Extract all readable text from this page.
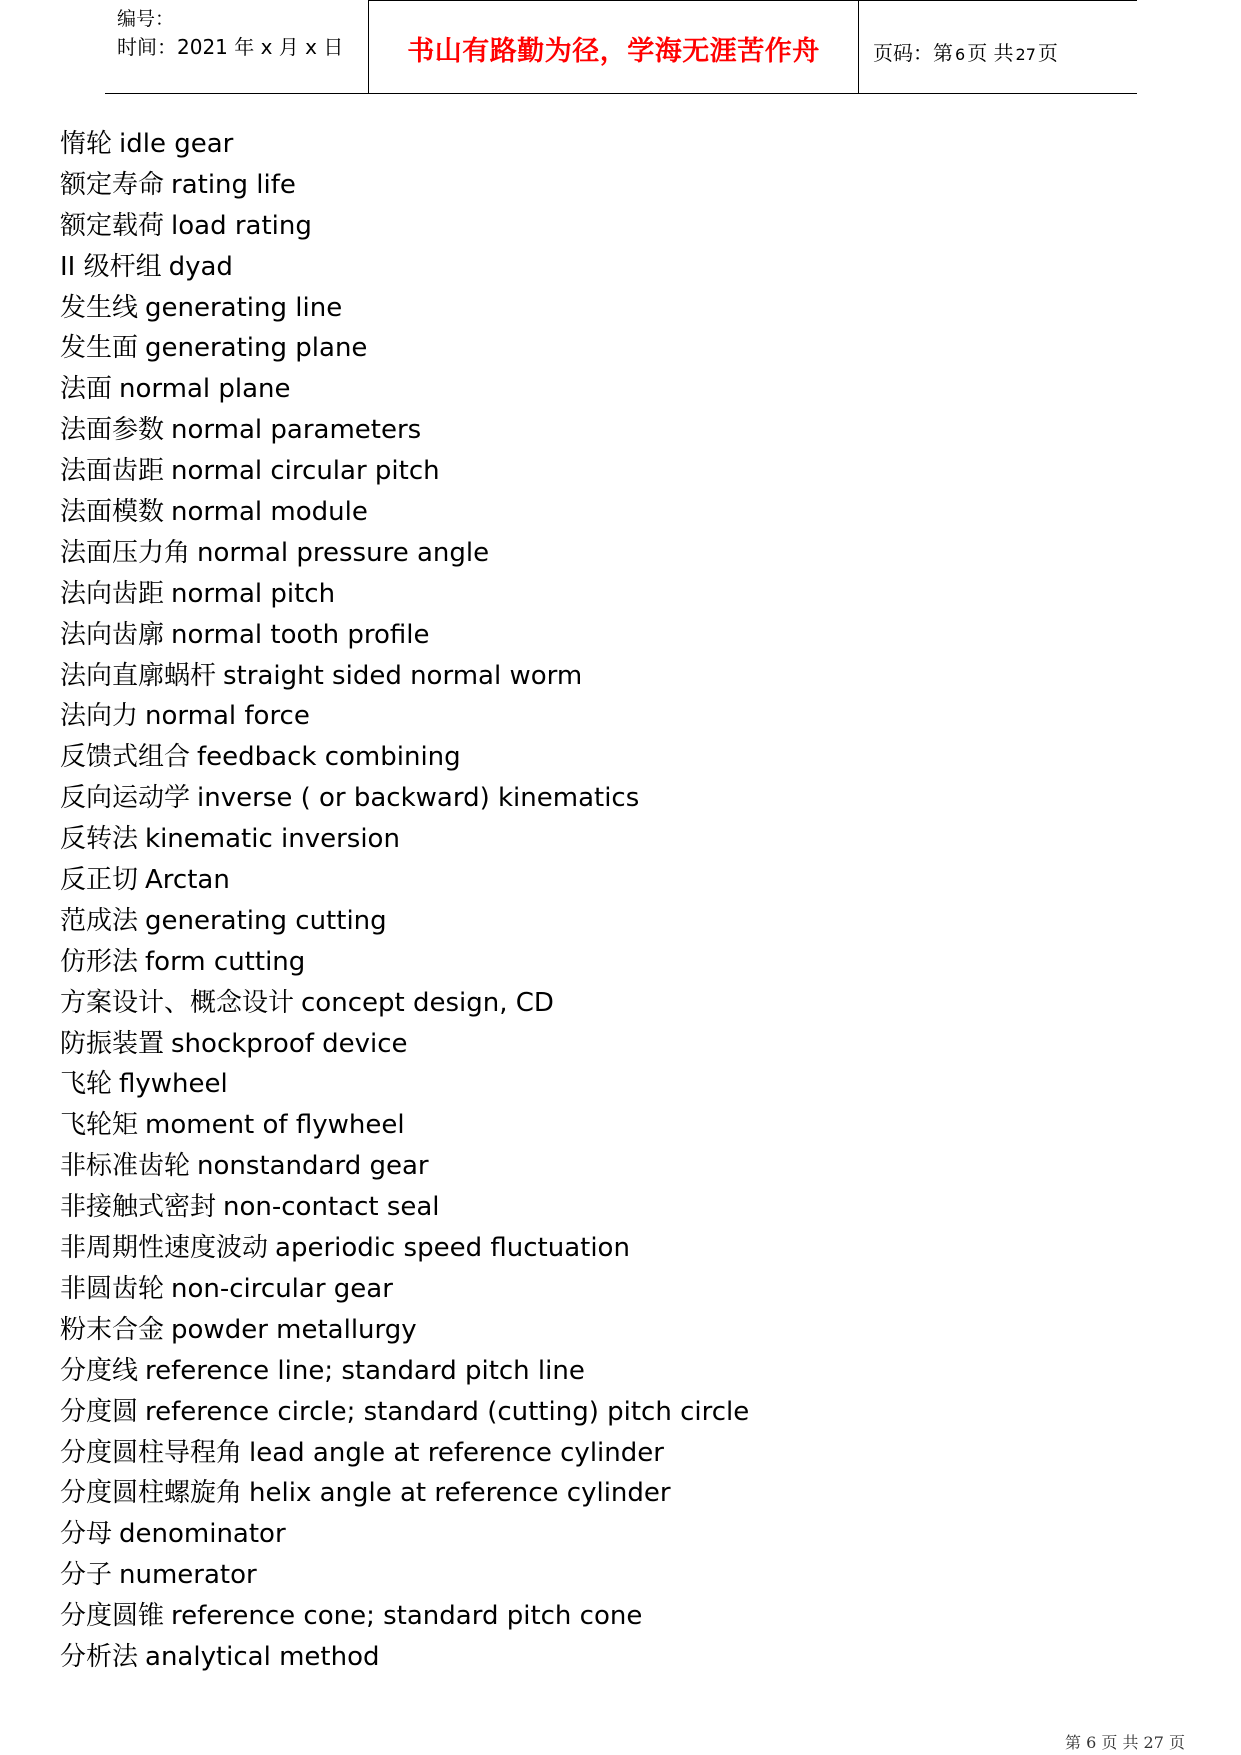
编号：
时间：2021 年 x 月 x 日	书山有路勤为径，学海无涯苦作舟	页码：第 6 页 共 27 页
惰轮 idle gear
额定寿命 rating life
额定载荷 load rating
II 级杆组 dyad
发生线 generating line
发生面 generating plane
法面 normal plane
法面参数 normal parameters
法面齿距 normal circular pitch
法面模数 normal module
法面压力角 normal pressure angle
法向齿距 normal pitch
法向齿廓 normal tooth profile
法向直廓蜗杆 straight sided normal worm
法向力 normal force
反馈式组合 feedback combining
反向运动学 inverse ( or backward) kinematics
反转法 kinematic inversion
反正切 Arctan
范成法 generating cutting
仿形法 form cutting
方案设计、概念设计 concept design, CD
防振装置 shockproof device
飞轮 flywheel
飞轮矩 moment of flywheel
非标准齿轮 nonstandard gear
非接触式密封 non-contact seal
非周期性速度波动 aperiodic speed fluctuation
非圆齿轮 non-circular gear
粉末合金 powder metallurgy
分度线 reference line; standard pitch line
分度圆 reference circle; standard (cutting) pitch circle
分度圆柱导程角 lead angle at reference cylinder
分度圆柱螺旋角 helix angle at reference cylinder
分母 denominator
分子 numerator
分度圆锥 reference cone; standard pitch cone
分析法 analytical method
第 6 页 共 27 页
